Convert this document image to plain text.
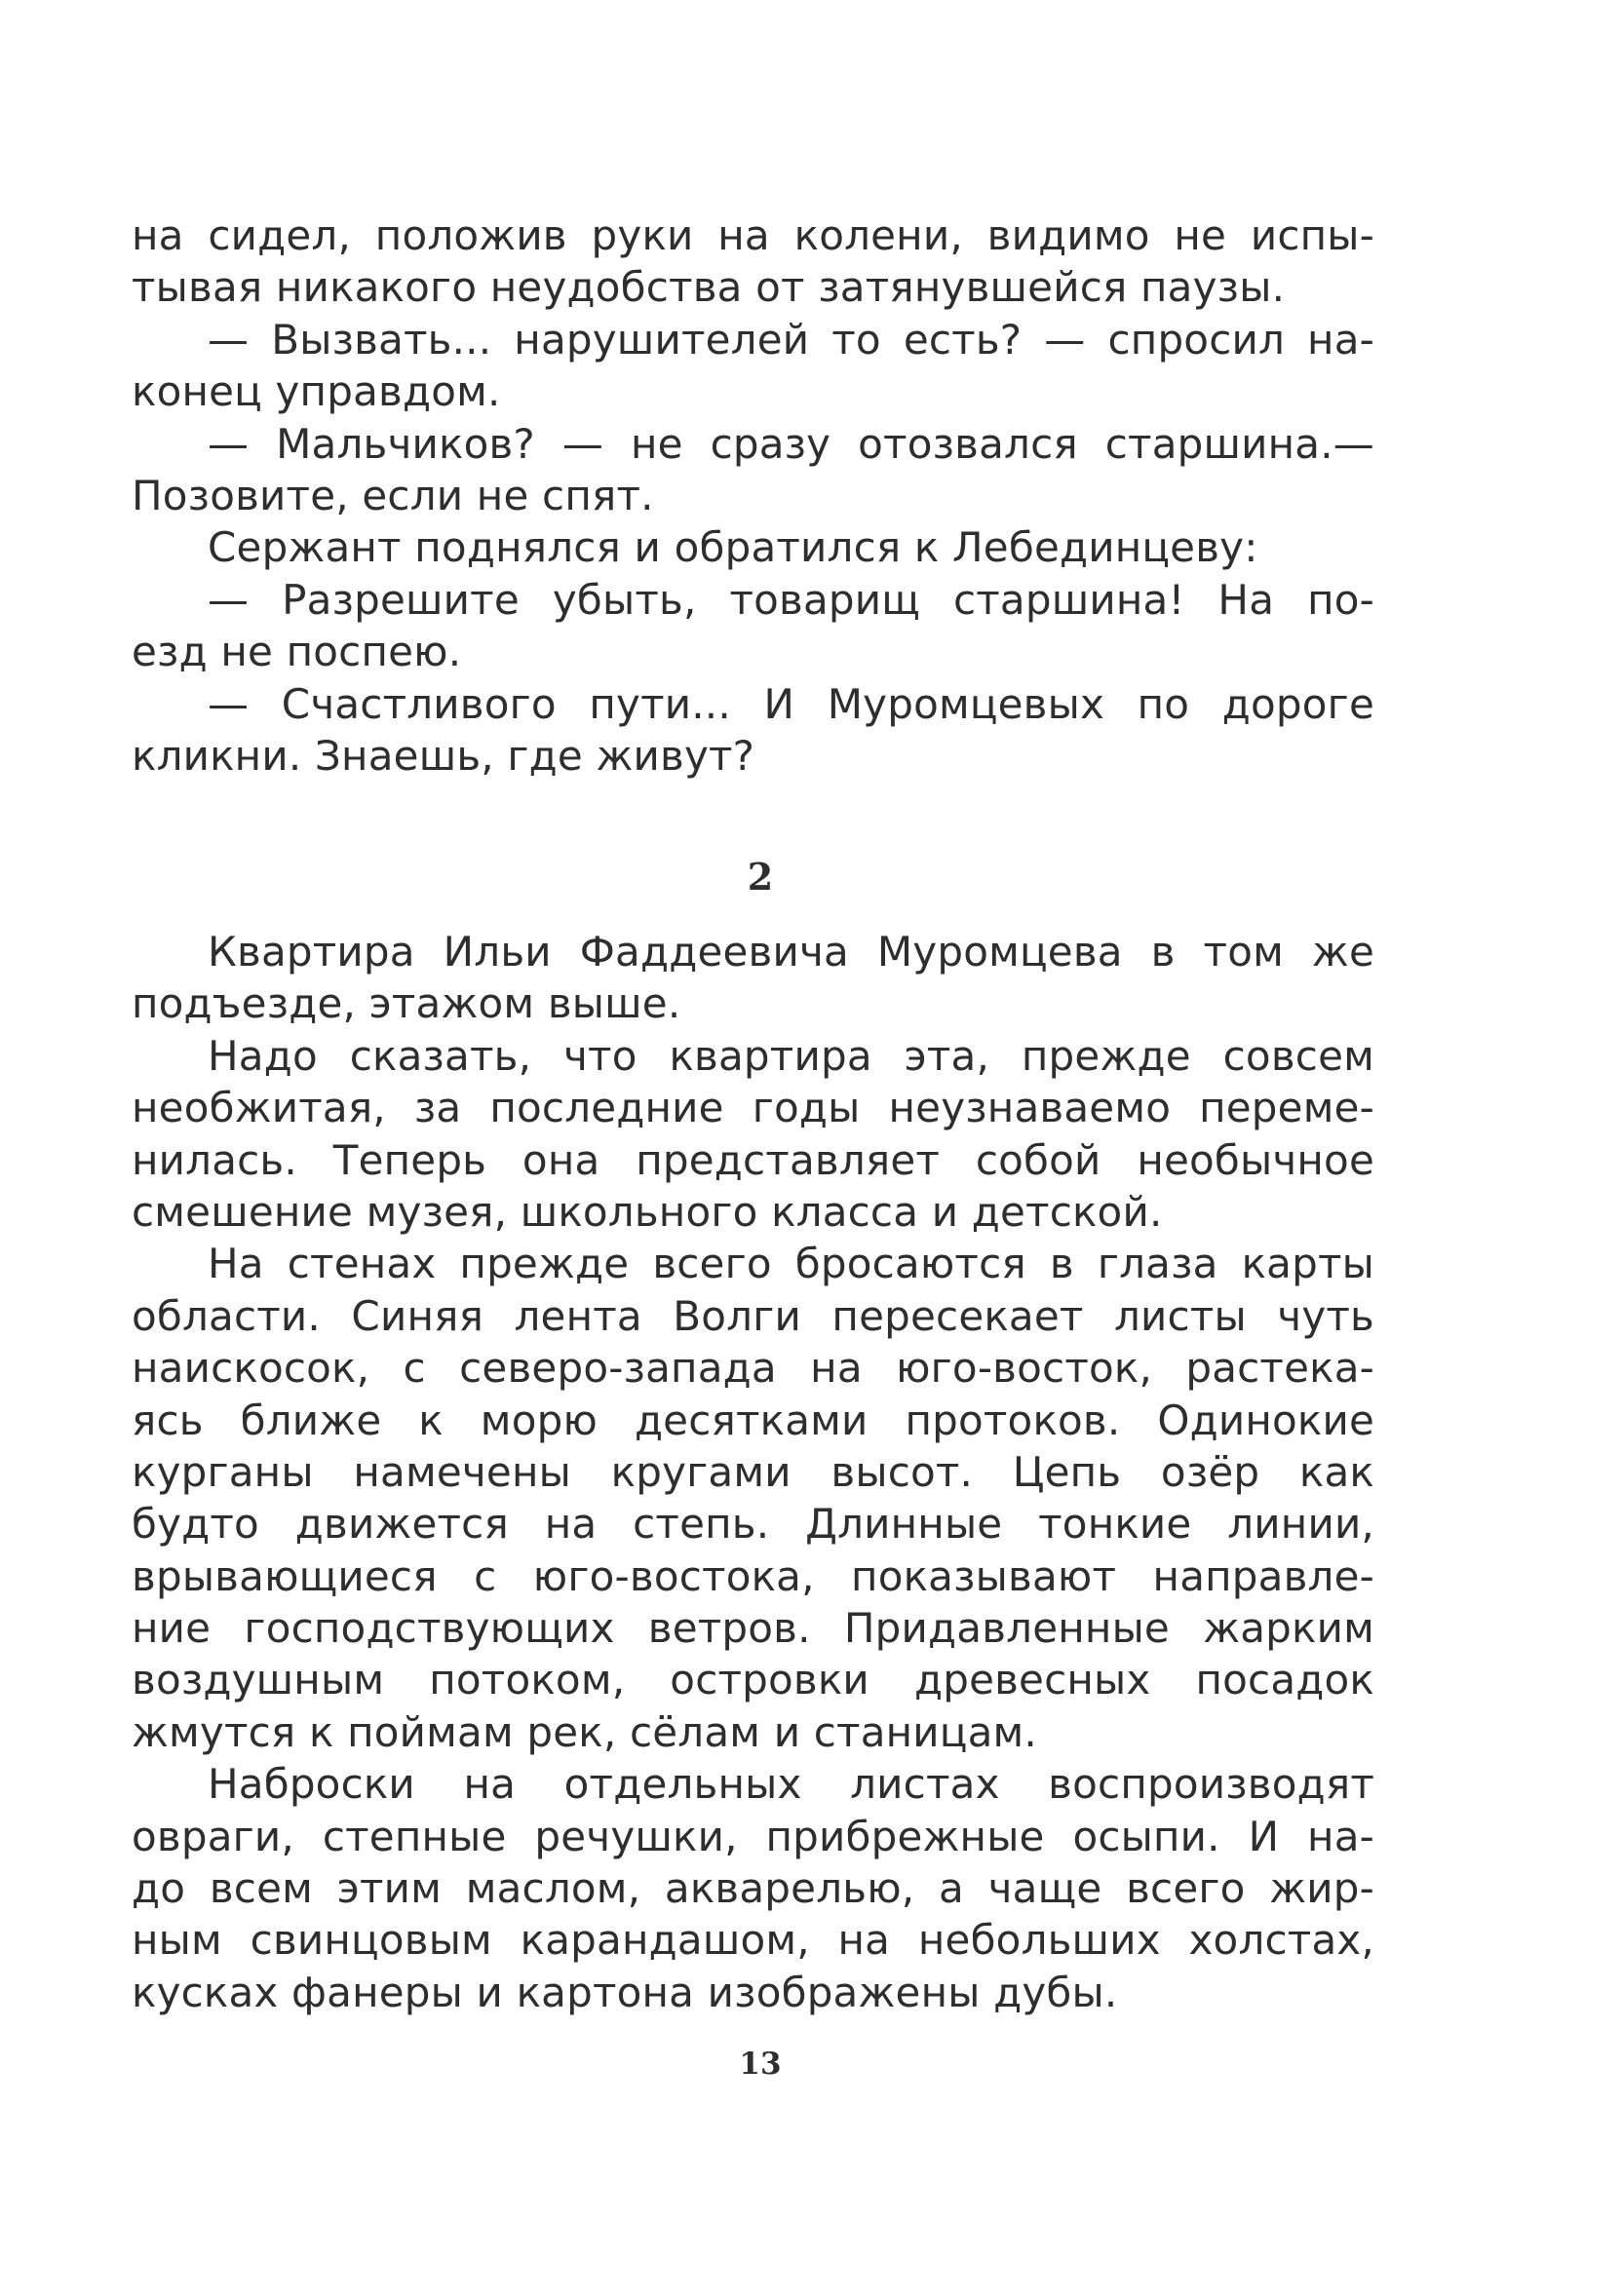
на сидел, положив руки на колени, видимо не испы-
тывая никакого неудобства от затянувшейся паузы.
— Вызвать... нарушителей то есть? — спросил на-
конец управдом.
— Мальчиков? — не сразу отозвался старшина.—
Позовите, если не спят.
Сержант поднялся и обратился к Лебединцеву:
— Разрешите убыть, товарищ старшина! На по-
езд не поспею.
— Счастливого пути... И Муромцевых по дороге
кликни. Знаешь, где живут?
2
Квартира Ильи Фаддеевича Муромцева в том же
подъезде, этажом выше.
Надо сказать, что квартира эта, прежде совсем
необжитая, за последние годы неузнаваемо переме-
нилась. Теперь она представляет собой необычное
смешение музея, школьного класса и детской.
На стенах прежде всего бросаются в глаза карты
области. Синяя лента Волги пересекает листы чуть
наискосок, с северо-запада на юго-восток, растека-
ясь ближе к морю десятками протоков. Одинокие
курганы намечены кругами высот. Цепь озёр как
будто движется на степь. Длинные тонкие линии,
врывающиеся с юго-востока, показывают направле-
ние господствующих ветров. Придавленные жарким
воздушным потоком, островки древесных посадок
жмутся к поймам рек, сёлам и станицам.
Наброски на отдельных листах воспроизводят
овраги, степные речушки, прибрежные осыпи. И на-
до всем этим маслом, акварелью, а чаще всего жир-
ным свинцовым карандашом, на небольших холстах,
кусках фанеры и картона изображены дубы.
13
